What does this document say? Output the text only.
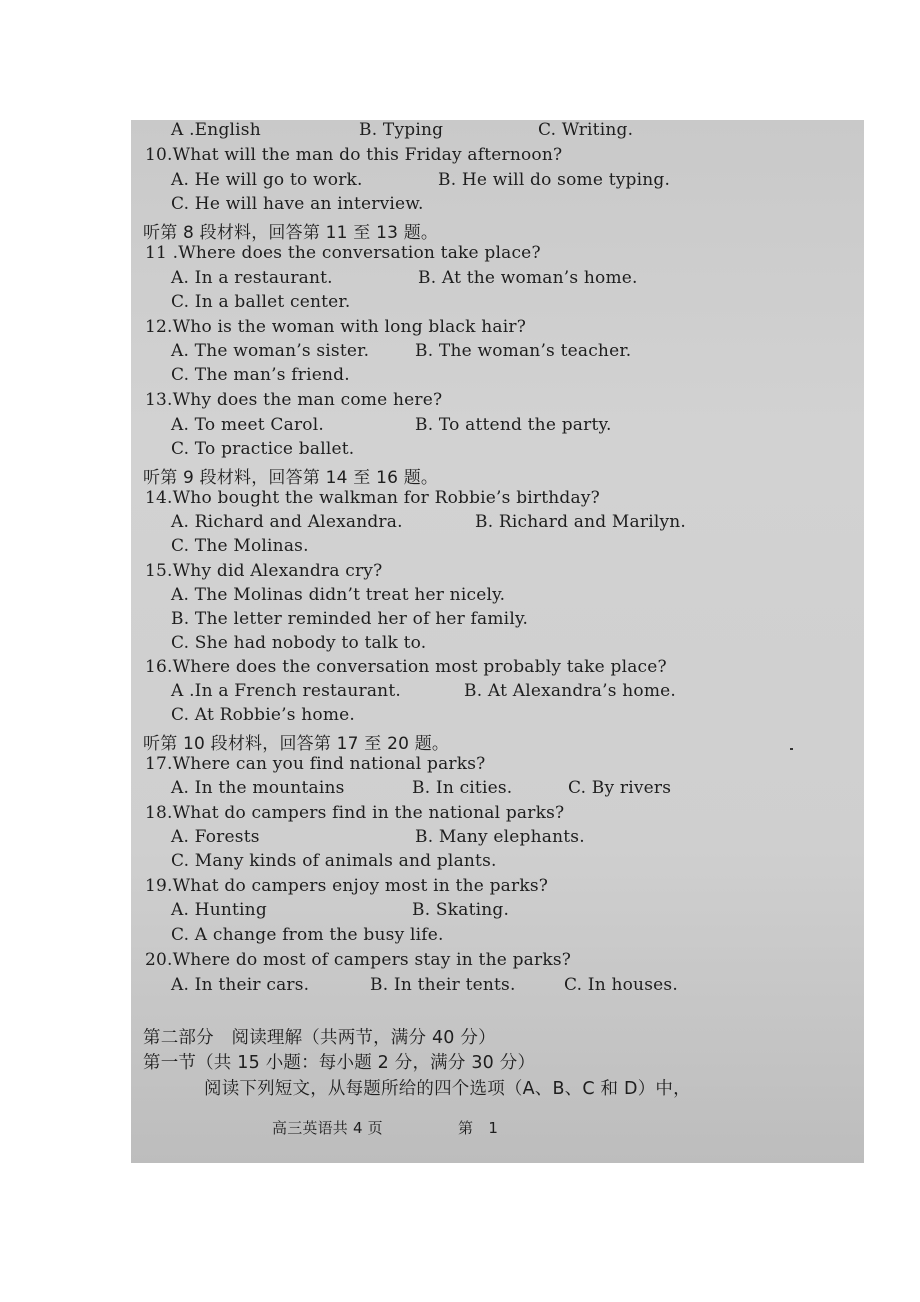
A .English	B. Typing	C. Writing.
10.What will the man do this Friday afternoon?
A. He will go to work.	B. He will do some typing.
C. He will have an interview.
听第 8 段材料，回答第 11 至 13 题。
11 .Where does the conversation take place?
A. In a restaurant.	B. At the woman’s home.
C. In a ballet center.
12.Who is the woman with long black hair?
A. The woman’s sister.	B. The woman’s teacher.
C. The man’s friend.
13.Why does the man come here?
A. To meet Carol.	B. To attend the party.
C. To practice ballet.
听第 9 段材料，回答第 14 至 16 题。
14.Who bought the walkman for Robbie’s birthday?
A. Richard and Alexandra.	B. Richard and Marilyn.
C. The Molinas.
15.Why did Alexandra cry?
A. The Molinas didn’t treat her nicely.
B. The letter reminded her of her family.
C. She had nobody to talk to.
16.Where does the conversation most probably take place?
A .In a French restaurant.	B. At Alexandra’s home.
C. At Robbie’s home.
听第 10 段材料，回答第 17 至 20 题。
17.Where can you find national parks?
A. In the mountains	B. In cities.	C. By rivers
18.What do campers find in the national parks?
A. Forests	B. Many elephants.
C. Many kinds of animals and plants.
19.What do campers enjoy most in the parks?
A. Hunting	B. Skating.
C. A change from the busy life.
20.Where do most of campers stay in the parks?
A. In their cars.	B. In their tents.	C. In houses.
第二部分　阅读理解（共两节，满分 40 分）
第一节（共 15 小题：每小题 2 分，满分 30 分）
阅读下列短文，从每题所给的四个选项（A、B、C 和 D）中，
高三英语共 4 页	第　1
